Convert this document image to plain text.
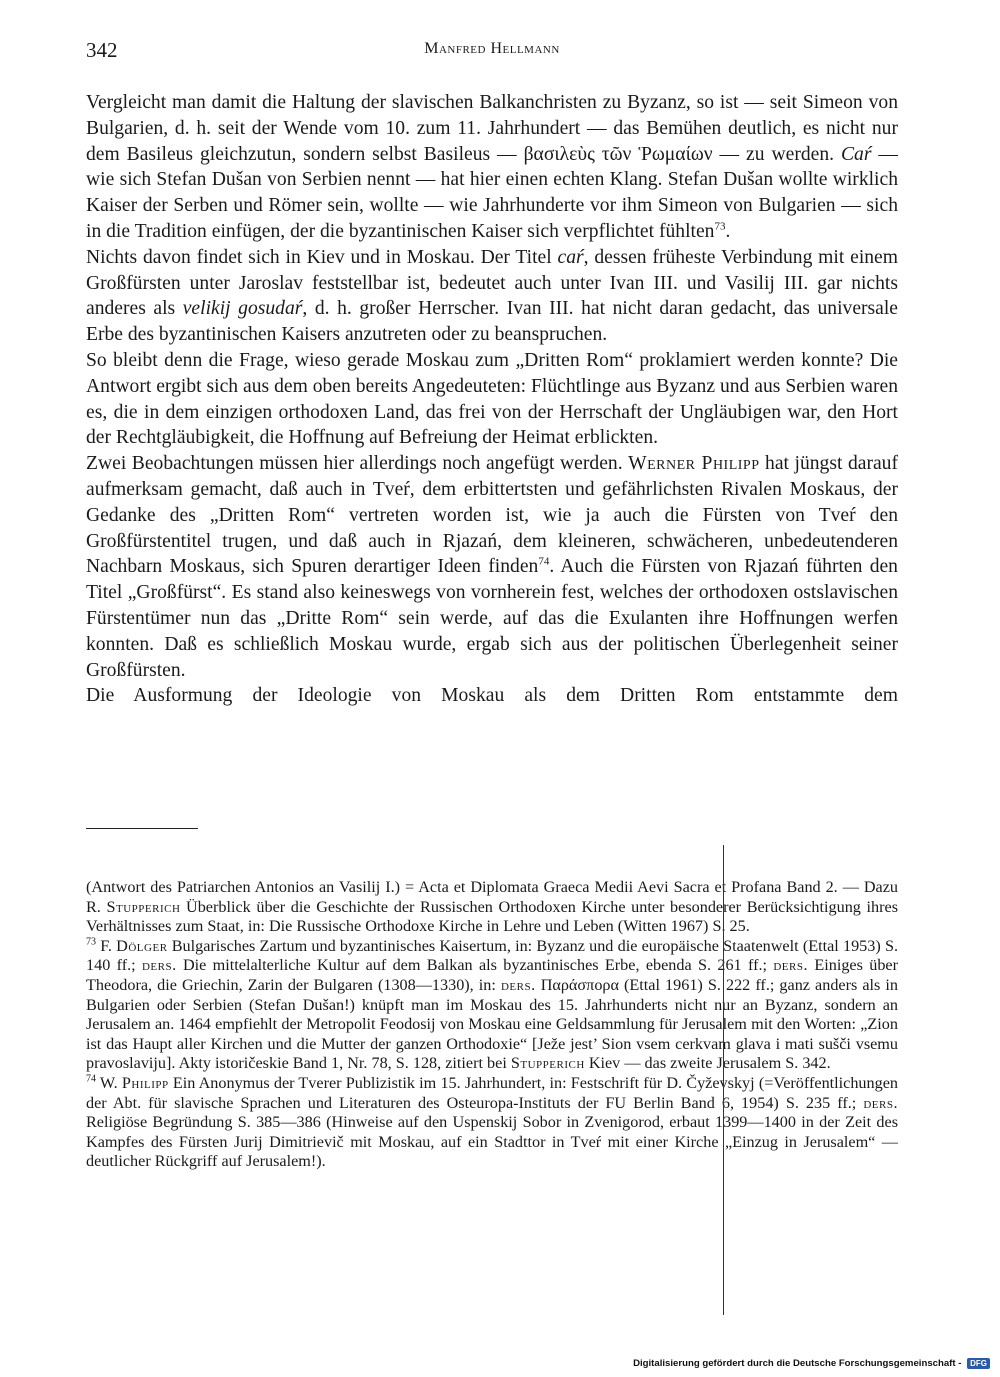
342	Manfred Hellmann

Vergleicht man damit die Haltung der slavischen Balkanchristen zu Byzanz, so ist — seit Simeon von Bulgarien, d. h. seit der Wende vom 10. zum 11. Jahrhundert — das Bemühen deutlich, es nicht nur dem Basileus gleichzutun, sondern selbst Basileus — βασιλεὺς τῶν Ῥωμαίων — zu werden. Caŕ — wie sich Stefan Dušan von Serbien nennt — hat hier einen echten Klang. Stefan Dušan wollte wirklich Kaiser der Serben und Römer sein, wollte — wie Jahrhunderte vor ihm Simeon von Bulgarien — sich in die Tradition einfügen, der die byzantinischen Kaiser sich verpflichtet fühlten$^{73}$.

Nichts davon findet sich in Kiev und in Moskau. Der Titel caŕ, dessen früheste Verbindung mit einem Großfürsten unter Jaroslav feststellbar ist, bedeutet auch unter Ivan III. und Vasilij III. gar nichts anderes als velikij gosudaŕ, d. h. großer Herrscher. Ivan III. hat nicht daran gedacht, das universale Erbe des byzantinischen Kaisers anzutreten oder zu beanspruchen.

So bleibt denn die Frage, wieso gerade Moskau zum „Dritten Rom“ proklamiert werden konnte? Die Antwort ergibt sich aus dem oben bereits Angedeuteten: Flüchtlinge aus Byzanz und aus Serbien waren es, die in dem einzigen orthodoxen Land, das frei von der Herrschaft der Ungläubigen war, den Hort der Rechtgläubigkeit, die Hoffnung auf Befreiung der Heimat erblickten.

Zwei Beobachtungen müssen hier allerdings noch angefügt werden. Werner Philipp hat jüngst darauf aufmerksam gemacht, daß auch in Tveŕ, dem erbittertsten und gefährlichsten Rivalen Moskaus, der Gedanke des „Dritten Rom“ vertreten worden ist, wie ja auch die Fürsten von Tveŕ den Großfürstentitel trugen, und daß auch in Rjazań, dem kleineren, schwächeren, unbedeutenderen Nachbarn Moskaus, sich Spuren derartiger Ideen finden$^{74}$. Auch die Fürsten von Rjazań führten den Titel „Großfürst“. Es stand also keineswegs von vornherein fest, welches der orthodoxen ostslavischen Fürstentümer nun das „Dritte Rom“ sein werde, auf das die Exulanten ihre Hoffnungen werfen konnten. Daß es schließlich Moskau wurde, ergab sich aus der politischen Überlegenheit seiner Großfürsten.

Die Ausformung der Ideologie von Moskau als dem Dritten Rom entstammte dem

(Antwort des Patriarchen Antonios an Vasilij I.) = Acta et Diplomata Graeca Medii Aevi Sacra et Profana Band 2. — Dazu R. Stupperich Überblick über die Geschichte der Russischen Orthodoxen Kirche unter besonderer Berücksichtigung ihres Verhältnisses zum Staat, in: Die Russische Orthodoxe Kirche in Lehre und Leben (Witten 1967) S. 25.

$^{73}$ F. Dölger Bulgarisches Zartum und byzantinisches Kaisertum, in: Byzanz und die europäische Staatenwelt (Ettal 1953) S. 140 ff.; ders. Die mittelalterliche Kultur auf dem Balkan als byzantinisches Erbe, ebenda S. 261 ff.; ders. Einiges über Theodora, die Griechin, Zarin der Bulgaren (1308—1330), in: ders. Παράσπορα (Ettal 1961) S. 222 ff.; ganz anders als in Bulgarien oder Serbien (Stefan Dušan!) knüpft man im Moskau des 15. Jahrhunderts nicht nur an Byzanz, sondern an Jerusalem an. 1464 empfiehlt der Metropolit Feodosij von Moskau eine Geldsammlung für Jerusalem mit den Worten: „Zion ist das Haupt aller Kirchen und die Mutter der ganzen Orthodoxie“ [Ježe jest’ Sion vsem cerkvam glava i mati sušči vsemu pravoslaviju]. Akty istoričeskie Band 1, Nr. 78, S. 128, zitiert bei Stupperich Kiev — das zweite Jerusalem S. 342.

$^{74}$ W. Philipp Ein Anonymus der Tverer Publizistik im 15. Jahrhundert, in: Festschrift für D. Čyževskyj (=Veröffentlichungen der Abt. für slavische Sprachen und Literaturen des Osteuropa-Instituts der FU Berlin Band 6, 1954) S. 235 ff.; ders. Religiöse Begründung S. 385—386 (Hinweise auf den Uspenskij Sobor in Zvenigorod, erbaut 1399—1400 in der Zeit des Kampfes des Fürsten Jurij Dimitrievič mit Moskau, auf ein Stadttor in Tveŕ mit einer Kirche „Einzug in Jerusalem“ — deutlicher Rückgriff auf Jerusalem!).

Digitalisierung gefördert durch die Deutsche Forschungsgemeinschaft - DFG
